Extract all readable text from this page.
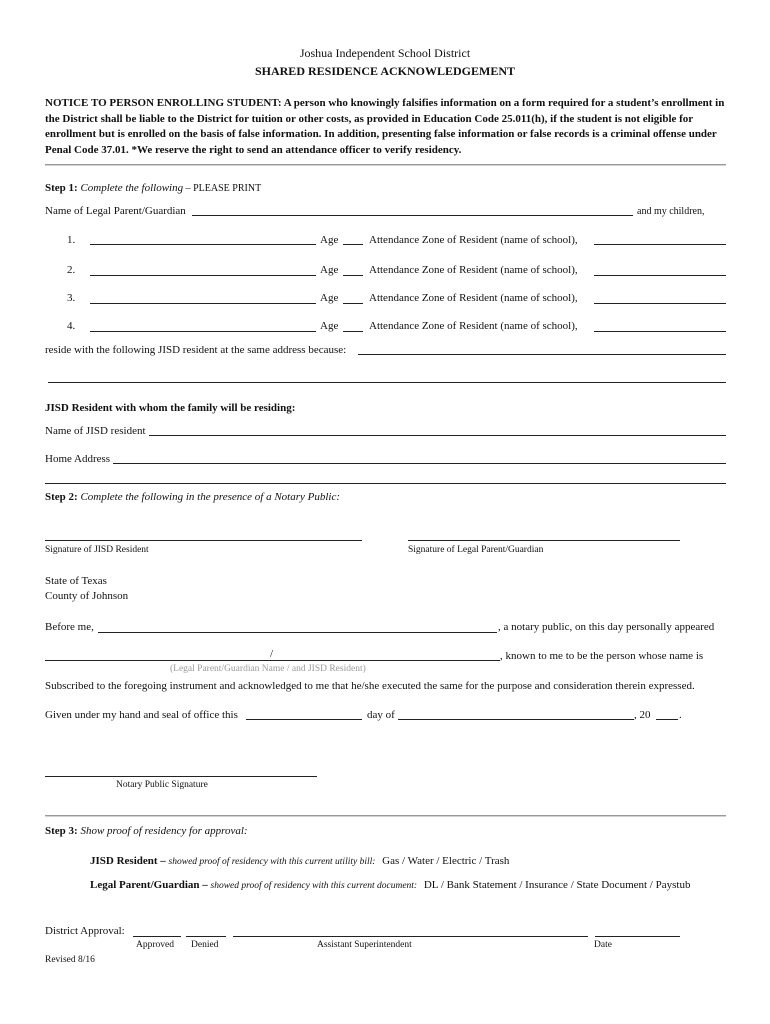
Joshua Independent School District
SHARED RESIDENCE ACKNOWLEDGEMENT
NOTICE TO PERSON ENROLLING STUDENT: A person who knowingly falsifies information on a form required for a student’s enrollment in the District shall be liable to the District for tuition or other costs, as provided in Education Code 25.011(h), if the student is not eligible for enrollment but is enrolled on the basis of false information. In addition, presenting false information or false records is a criminal offense under Penal Code 37.01. *We reserve the right to send an attendance officer to verify residency.
Step 1: Complete the following – PLEASE PRINT
Name of Legal Parent/Guardian	and my children,
1.	Age	Attendance Zone of Resident (name of school),
2.	Age	Attendance Zone of Resident (name of school),
3.	Age	Attendance Zone of Resident (name of school),
4.	Age	Attendance Zone of Resident (name of school),
reside with the following JISD resident at the same address because:
JISD Resident with whom the family will be residing:
Name of JISD resident
Home Address
Step 2: Complete the following in the presence of a Notary Public:
Signature of JISD Resident	Signature of Legal Parent/Guardian
State of Texas
County of Johnson
Before me,	, a notary public, on this day personally appeared
/	, known to me to be the person whose name is
(Legal Parent/Guardian Name / and JISD Resident)
Subscribed to the foregoing instrument and acknowledged to me that he/she executed the same for the purpose and consideration therein expressed.
Given under my hand and seal of office this	day of	, 20	.
Notary Public Signature
Step 3: Show proof of residency for approval:
JISD Resident – showed proof of residency with this current utility bill: Gas / Water / Electric / Trash
Legal Parent/Guardian – showed proof of residency with this current document: DL / Bank Statement / Insurance / State Document / Paystub
District Approval:
Approved Denied	Assistant Superintendent	Date
Revised 8/16
